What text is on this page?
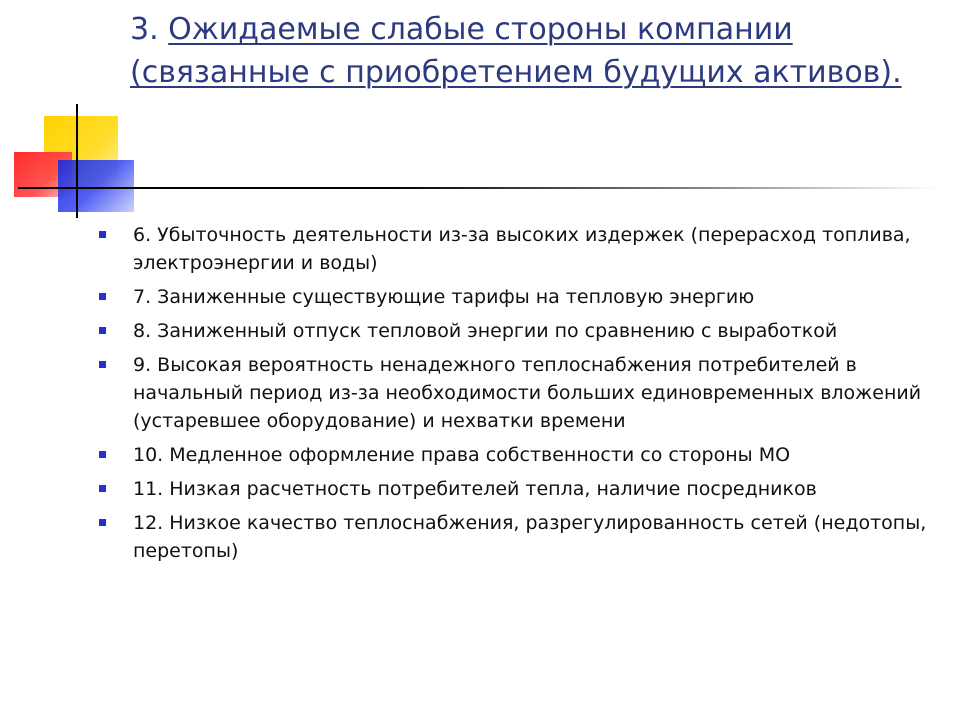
3. Ожидаемые слабые стороны компании (связанные с приобретением будущих активов).
6. Убыточность деятельности из-за высоких издержек (перерасход топлива, электроэнергии и воды)
7. Заниженные существующие тарифы на тепловую энергию
8. Заниженный отпуск тепловой энергии по сравнению с выработкой
9. Высокая вероятность ненадежного теплоснабжения потребителей в начальный период из-за необходимости больших единовременных вложений (устаревшее оборудование) и нехватки времени
10. Медленное оформление права собственности со стороны МО
11. Низкая расчетность потребителей тепла, наличие посредников
12. Низкое качество теплоснабжения, разрегулированность сетей (недотопы, перетопы)
